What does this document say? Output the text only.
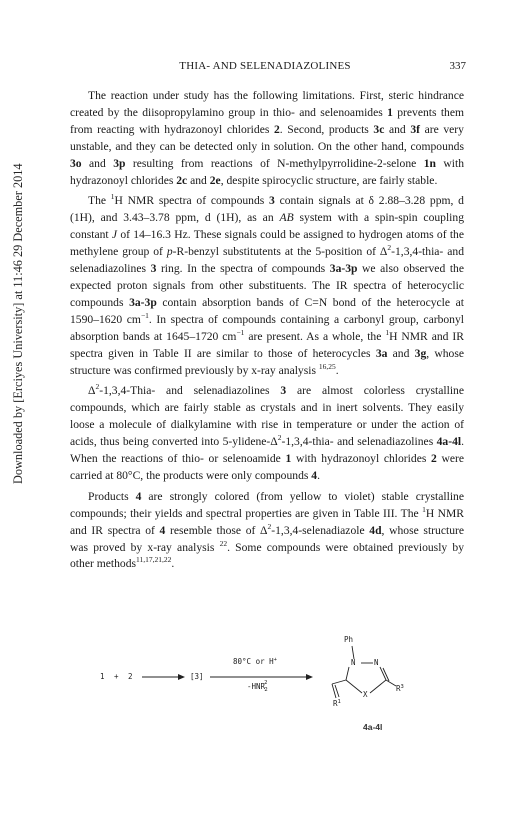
Downloaded by [Erciyes University] at 11:46 29 December 2014
THIA- AND SELENADIAZOLINES	337

The reaction under study has the following limitations. First, steric hindrance created by the diisopropylamino group in thio- and selenoamides 1 prevents them from reacting with hydrazonoyl chlorides 2. Second, products 3c and 3f are very unstable, and they can be detected only in solution. On the other hand, compounds 3o and 3p resulting from reactions of N-methylpyrrolidine-2-selone 1n with hydrazonoyl chlorides 2c and 2e, despite spirocyclic structure, are fairly stable.

The $^1$H NMR spectra of compounds 3 contain signals at δ 2.88–3.28 ppm, d (1H), and 3.43–3.78 ppm, d (1H), as an AB system with a spin-spin coupling constant J of 14–16.3 Hz. These signals could be assigned to hydrogen atoms of the methylene group of p-R-benzyl substitutents at the 5-position of $\Delta^2-1,3,4-thia-$ and selenadiazolines 3 ring. In the spectra of compounds 3a-3p we also observed the expected proton signals from other substituents. The IR spectra of heterocyclic compounds 3a-3p contain absorption bands of C=N bond of the heterocycle at 1590–1620 $cm^{-1}$. In spectra of compounds containing a carbonyl group, carbonyl absorption bands at 1645–1720 $cm^{-1}$ are present. As a whole, the $^1$H NMR and IR spectra given in Table II are similar to those of heterocycles 3a and 3g, whose structure was confirmed previously by x-ray analysis $^{16,25}$.

$\Delta^2-1,3,4-Thia-$ and selenadiazolines 3 are almost colorless crystalline compounds, which are fairly stable as crystals and in inert solvents. They easily loose a molecule of dialkylamine with rise in temperature or under the action of acids, thus being converted into $5-ylidene-\Delta^2-1,3,4-thia-$ and selenadiazolines 4a-4l. When the reactions of thio- or selenoamide 1 with hydrazonoyl chlorides 2 were carried at 80°C, the products were only compounds 4.

Products 4 are strongly colored (from yellow to violet) stable crystalline compounds; their yields and spectral properties are given in Table III. The $^1$H NMR and IR spectra of 4 resemble those of $\Delta^2-1,3,4$-selenadiazole 4d, whose structure was proved by x-ray analysis $^{22}$. Some compounds were obtained previously by other methods$^{11,17,21,22}$.

1 + 2	[3]
80°C or H+
$-HNR_{22}$
Ph
N N
X
$R^3$
$R^1$
4a-4l
